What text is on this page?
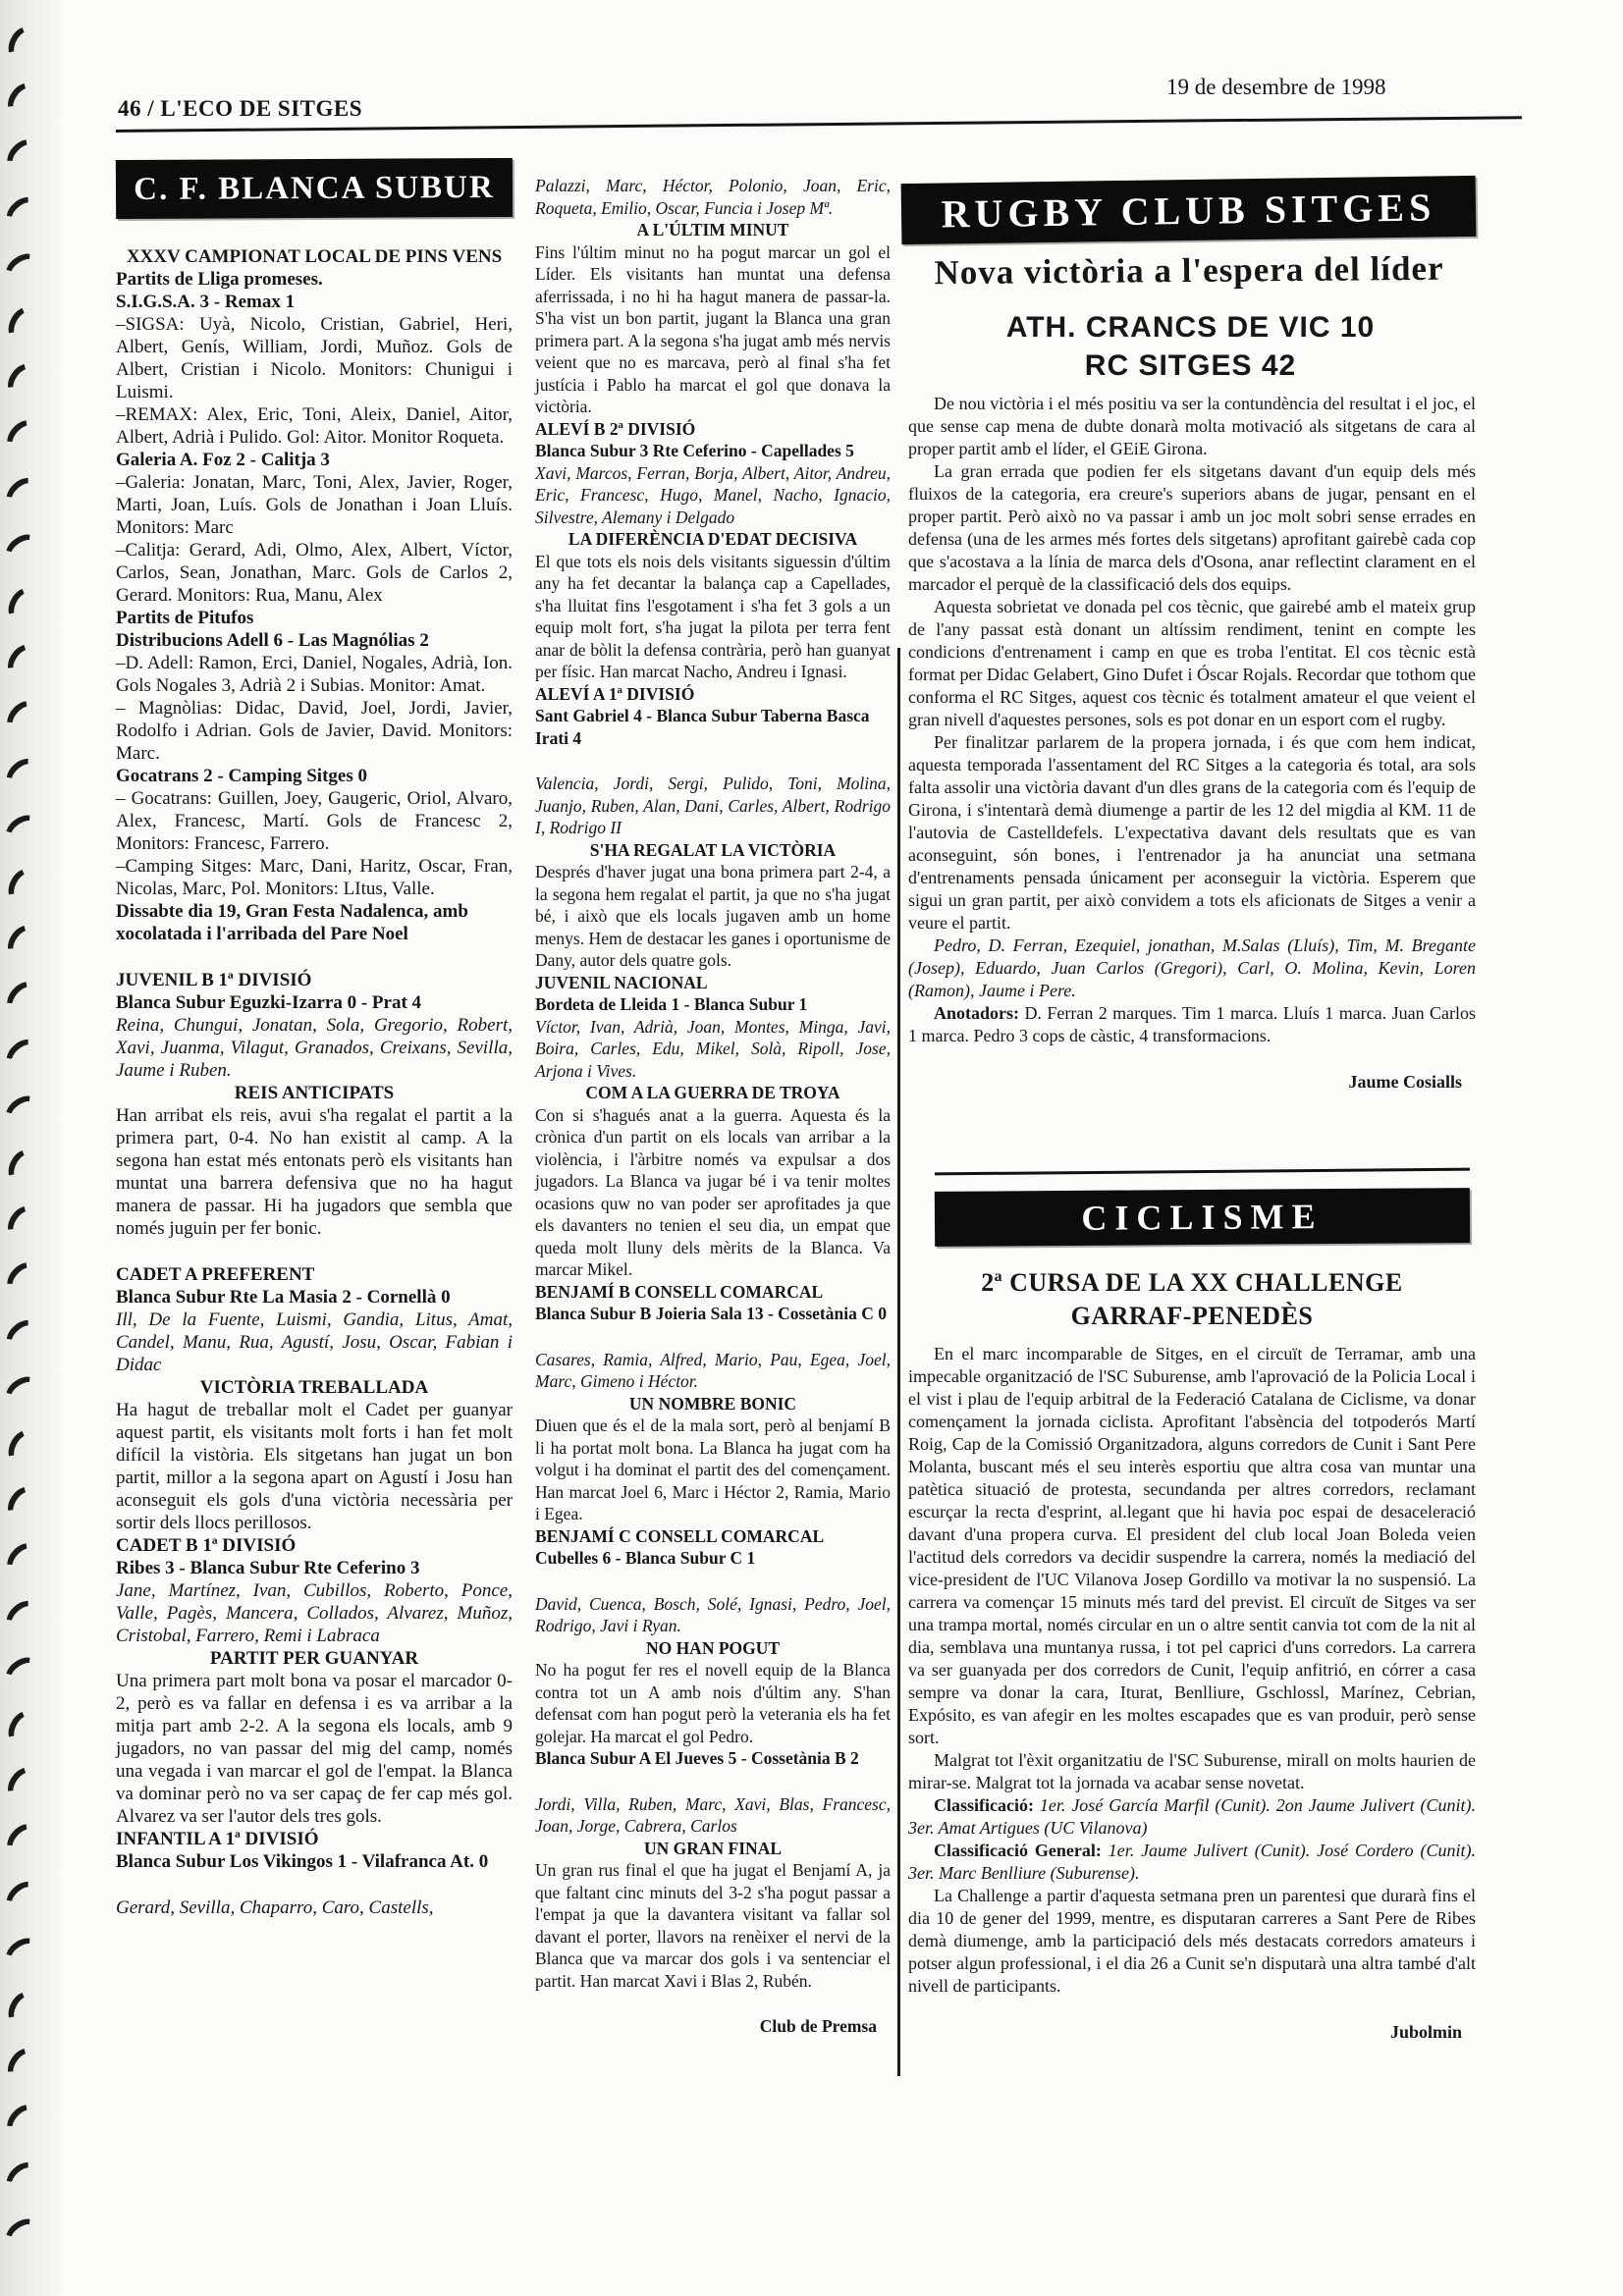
46 / L'ECO DE SITGES
19 de desembre de 1998
C. F. BLANCA SUBUR

XXXV CAMPIONAT LOCAL DE PINS VENS

Partits de Lliga promeses.

S.I.G.S.A. 3 - Remax 1

–SIGSA: Uyà, Nicolo, Cristian, Gabriel, Heri, Albert, Genís, William, Jordi, Muñoz. Gols de Albert, Cristian i Nicolo. Monitors: Chunigui i Luismi.

–REMAX: Alex, Eric, Toni, Aleix, Daniel, Aitor, Albert, Adrià i Pulido. Gol: Aitor. Monitor Roqueta.

Galeria A. Foz 2 - Calitja 3

–Galeria: Jonatan, Marc, Toni, Alex, Javier, Roger, Marti, Joan, Luís. Gols de Jonathan i Joan Lluís. Monitors: Marc

–Calitja: Gerard, Adi, Olmo, Alex, Albert, Víctor, Carlos, Sean, Jonathan, Marc. Gols de Carlos 2, Gerard. Monitors: Rua, Manu, Alex

Partits de Pitufos

Distribucions Adell 6 - Las Magnólias 2

–D. Adell: Ramon, Erci, Daniel, Nogales, Adrià, Ion. Gols Nogales 3, Adrià 2 i Subias. Monitor: Amat.

– Magnòlias: Didac, David, Joel, Jordi, Javier, Rodolfo i Adrian. Gols de Javier, David. Monitors: Marc.

Gocatrans 2 - Camping Sitges 0

– Gocatrans: Guillen, Joey, Gaugeric, Oriol, Alvaro, Alex, Francesc, Martí. Gols de Francesc 2, Monitors: Francesc, Farrero.

–Camping Sitges: Marc, Dani, Haritz, Oscar, Fran, Nicolas, Marc, Pol. Monitors: LItus, Valle.

Dissabte dia 19, Gran Festa Nadalenca, amb xocolatada i l'arribada del Pare Noel

JUVENIL B 1ª DIVISIÓ

Blanca Subur Eguzki-Izarra 0 - Prat 4

Reina, Chungui, Jonatan, Sola, Gregorio, Robert, Xavi, Juanma, Vilagut, Granados, Creixans, Sevilla, Jaume i Ruben.

REIS ANTICIPATS

Han arribat els reis, avui s'ha regalat el partit a la primera part, 0-4. No han existit al camp. A la segona han estat més entonats però els visitants han muntat una barrera defensiva que no ha hagut manera de passar. Hi ha jugadors que sembla que només juguin per fer bonic.

CADET A PREFERENT

Blanca Subur Rte La Masia 2 - Cornellà 0

Ill, De la Fuente, Luismi, Gandia, Litus, Amat, Candel, Manu, Rua, Agustí, Josu, Oscar, Fabian i Didac

VICTÒRIA TREBALLADA

Ha hagut de treballar molt el Cadet per guanyar aquest partit, els visitants molt forts i han fet molt difícil la vistòria. Els sitgetans han jugat un bon partit, millor a la segona apart on Agustí i Josu han aconseguit els gols d'una victòria necessària per sortir dels llocs perillosos.

CADET B 1ª DIVISIÓ

Ribes 3 - Blanca Subur Rte Ceferino 3

Jane, Martínez, Ivan, Cubillos, Roberto, Ponce, Valle, Pagès, Mancera, Collados, Alvarez, Muñoz, Cristobal, Farrero, Remi i Labraca

PARTIT PER GUANYAR

Una primera part molt bona va posar el marcador 0-2, però es va fallar en defensa i es va arribar a la mitja part amb 2-2. A la segona els locals, amb 9 jugadors, no van passar del mig del camp, només una vegada i van marcar el gol de l'empat. la Blanca va dominar però no va ser capaç de fer cap més gol. Alvarez va ser l'autor dels tres gols.

INFANTIL A 1ª DIVISIÓ

Blanca Subur Los Vikingos 1 - Vilafranca At. 0

Gerard, Sevilla, Chaparro, Caro, Castells,

Palazzi, Marc, Héctor, Polonio, Joan, Eric, Roqueta, Emilio, Oscar, Funcia i Josep Mª.

A L'ÚLTIM MINUT

Fins l'últim minut no ha pogut marcar un gol el Líder. Els visitants han muntat una defensa aferrissada, i no hi ha hagut manera de passar-la. S'ha vist un bon partit, jugant la Blanca una gran primera part. A la segona s'ha jugat amb més nervis veient que no es marcava, però al final s'ha fet justícia i Pablo ha marcat el gol que donava la victòria.

ALEVÍ B 2ª DIVISIÓ

Blanca Subur 3 Rte Ceferino - Capellades 5

Xavi, Marcos, Ferran, Borja, Albert, Aitor, Andreu, Eric, Francesc, Hugo, Manel, Nacho, Ignacio, Silvestre, Alemany i Delgado

LA DIFERÈNCIA D'EDAT DECISIVA

El que tots els nois dels visitants siguessin d'últim any ha fet decantar la balança cap a Capellades, s'ha lluitat fins l'esgotament i s'ha fet 3 gols a un equip molt fort, s'ha jugat la pilota per terra fent anar de bòlit la defensa contrària, però han guanyat per físic. Han marcat Nacho, Andreu i Ignasi.

ALEVÍ A 1ª DIVISIÓ

Sant Gabriel 4 - Blanca Subur Taberna Basca Irati 4

Valencia, Jordi, Sergi, Pulido, Toni, Molina, Juanjo, Ruben, Alan, Dani, Carles, Albert, Rodrigo I, Rodrigo II

S'HA REGALAT LA VICTÒRIA

Després d'haver jugat una bona primera part 2-4, a la segona hem regalat el partit, ja que no s'ha jugat bé, i això que els locals jugaven amb un home menys. Hem de destacar les ganes i oportunisme de Dany, autor dels quatre gols.

JUVENIL NACIONAL

Bordeta de Lleida 1 - Blanca Subur 1

Víctor, Ivan, Adrià, Joan, Montes, Minga, Javi, Boira, Carles, Edu, Mikel, Solà, Ripoll, Jose, Arjona i Vives.

COM A LA GUERRA DE TROYA

Con si s'hagués anat a la guerra. Aquesta és la crònica d'un partit on els locals van arribar a la violència, i l'àrbitre només va expulsar a dos jugadors. La Blanca va jugar bé i va tenir moltes ocasions quw no van poder ser aprofitades ja que els davanters no tenien el seu dia, un empat que queda molt lluny dels mèrits de la Blanca. Va marcar Mikel.

BENJAMÍ B CONSELL COMARCAL

Blanca Subur B Joieria Sala 13 - Cossetània C 0

Casares, Ramia, Alfred, Mario, Pau, Egea, Joel, Marc, Gimeno i Héctor.

UN NOMBRE BONIC

Diuen que és el de la mala sort, però al benjamí B li ha portat molt bona. La Blanca ha jugat com ha volgut i ha dominat el partit des del començament. Han marcat Joel 6, Marc i Héctor 2, Ramia, Mario i Egea.

BENJAMÍ C CONSELL COMARCAL

Cubelles 6 - Blanca Subur C 1

David, Cuenca, Bosch, Solé, Ignasi, Pedro, Joel, Rodrigo, Javi i Ryan.

NO HAN POGUT

No ha pogut fer res el novell equip de la Blanca contra tot un A amb nois d'últim any. S'han defensat com han pogut però la veterania els ha fet golejar. Ha marcat el gol Pedro.

Blanca Subur A El Jueves 5 - Cossetània B 2

Jordi, Villa, Ruben, Marc, Xavi, Blas, Francesc, Joan, Jorge, Cabrera, Carlos

UN GRAN FINAL

Un gran rus final el que ha jugat el Benjamí A, ja que faltant cinc minuts del 3-2 s'ha pogut passar a l'empat ja que la davantera visitant va fallar sol davant el porter, llavors na renèixer el nervi de la Blanca que va marcar dos gols i va sentenciar el partit. Han marcat Xavi i Blas 2, Rubén.

Club de Premsa

RUGBY CLUB SITGES
Nova victòria a l'espera del líder
ATH. CRANCS DE VIC 10
RC SITGES 42

De nou victòria i el més positiu va ser la contundència del resultat i el joc, el que sense cap mena de dubte donarà molta motivació als sitgetans de cara al proper partit amb el líder, el GEiE Girona.

La gran errada que podien fer els sitgetans davant d'un equip dels més fluixos de la categoria, era creure's superiors abans de jugar, pensant en el proper partit. Però això no va passar i amb un joc molt sobri sense errades en defensa (una de les armes més fortes dels sitgetans) aprofitant gairebè cada cop que s'acostava a la línia de marca dels d'Osona, anar reflectint clarament en el marcador el perquè de la classificació dels dos equips.

Aquesta sobrietat ve donada pel cos tècnic, que gairebé amb el mateix grup de l'any passat està donant un altíssim rendiment, tenint en compte les condicions d'entrenament i camp en que es troba l'entitat. El cos tècnic està format per Didac Gelabert, Gino Dufet i Óscar Rojals. Recordar que tothom que conforma el RC Sitges, aquest cos tècnic és totalment amateur el que veient el gran nivell d'aquestes persones, sols es pot donar en un esport com el rugby.

Per finalitzar parlarem de la propera jornada, i és que com hem indicat, aquesta temporada l'assentament del RC Sitges a la categoria és total, ara sols falta assolir una victòria davant d'un dles grans de la categoria com és l'equip de Girona, i s'intentarà demà diumenge a partir de les 12 del migdia al KM. 11 de l'autovia de Castelldefels. L'expectativa davant dels resultats que es van aconseguint, són bones, i l'entrenador ja ha anunciat una setmana d'entrenaments pensada únicament per aconseguir la victòria. Esperem que sigui un gran partit, per això convidem a tots els aficionats de Sitges a venir a veure el partit.

Pedro, D. Ferran, Ezequiel, jonathan, M.Salas (Lluís), Tim, M. Bregante (Josep), Eduardo, Juan Carlos (Gregori), Carl, O. Molina, Kevin, Loren (Ramon), Jaume i Pere.

Anotadors: D. Ferran 2 marques. Tim 1 marca. Lluís 1 marca. Juan Carlos 1 marca. Pedro 3 cops de càstic, 4 transformacions.

Jaume Cosialls

CICLISME
2ª CURSA DE LA XX CHALLENGE
GARRAF-PENEDÈS

En el marc incomparable de Sitges, en el circuït de Terramar, amb una impecable organització de l'SC Suburense, amb l'aprovació de la Policia Local i el vist i plau de l'equip arbitral de la Federació Catalana de Ciclisme, va donar començament la jornada ciclista. Aprofitant l'absència del totpoderós Martí Roig, Cap de la Comissió Organitzadora, alguns corredors de Cunit i Sant Pere Molanta, buscant més el seu interès esportiu que altra cosa van muntar una patètica situació de protesta, secundanda per altres corredors, reclamant escurçar la recta d'esprint, al.legant que hi havia poc espai de desaceleració davant d'una propera curva. El president del club local Joan Boleda veien l'actitud dels corredors va decidir suspendre la carrera, només la mediació del vice-president de l'UC Vilanova Josep Gordillo va motivar la no suspensió. La carrera va començar 15 minuts més tard del previst. El circuït de Sitges va ser una trampa mortal, només circular en un o altre sentit canvia tot com de la nit al dia, semblava una muntanya russa, i tot pel caprici d'uns corredors. La carrera va ser guanyada per dos corredors de Cunit, l'equip anfitrió, en córrer a casa sempre va donar la cara, Iturat, Benlliure, Gschlossl, Marínez, Cebrian, Expósito, es van afegir en les moltes escapades que es van produir, però sense sort.

Malgrat tot l'èxit organitzatiu de l'SC Suburense, mirall on molts haurien de mirar-se. Malgrat tot la jornada va acabar sense novetat.

Classificació: 1er. José García Marfil (Cunit). 2on Jaume Julivert (Cunit). 3er. Amat Artigues (UC Vilanova)

Classificació General: 1er. Jaume Julivert (Cunit). José Cordero (Cunit). 3er. Marc Benlliure (Suburense).

La Challenge a partir d'aquesta setmana pren un parentesi que durarà fins el dia 10 de gener del 1999, mentre, es disputaran carreres a Sant Pere de Ribes demà diumenge, amb la participació dels més destacats corredors amateurs i potser algun professional, i el dia 26 a Cunit se'n disputarà una altra també d'alt nivell de participants.

Jubolmin
